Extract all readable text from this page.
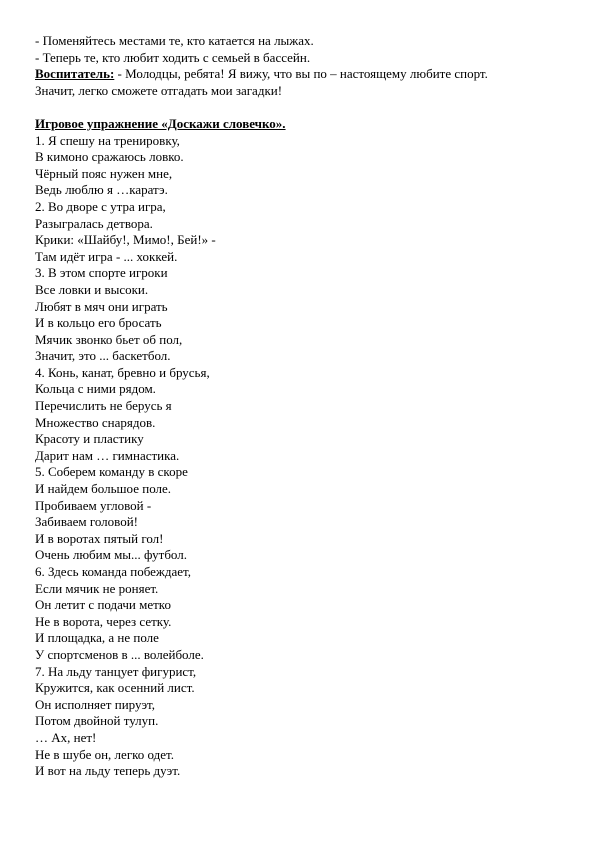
- Поменяйтесь местами те, кто катается на лыжах.
- Теперь те, кто любит ходить с семьей в бассейн.
Воспитатель: - Молодцы, ребята! Я вижу, что вы по – настоящему любите спорт.
Значит, легко сможете отгадать мои загадки!
Игровое упражнение «Доскажи словечко».
1. Я спешу на тренировку,
В кимоно сражаюсь ловко.
Чёрный пояс нужен мне,
Ведь люблю я …каратэ.
2. Во дворе с утра игра,
Разыгралась детвора.
Крики: «Шайбу!, Мимо!, Бей!» -
Там идёт игра - ... хоккей.
3. В этом спорте игроки
Все ловки и высоки.
Любят в мяч они играть
И в кольцо его бросать
Мячик звонко бьет об пол,
Значит, это ... баскетбол.
4. Конь, канат, бревно и брусья,
Кольца с ними рядом.
Перечислить не берусь я
Множество снарядов.
Красоту и пластику
Дарит нам … гимнастика.
5. Соберем команду в скоре
И найдем большое поле.
Пробиваем угловой -
Забиваем головой!
И в воротах пятый гол!
Очень любим мы... футбол.
6. Здесь команда побеждает,
Если мячик не роняет.
Он летит с подачи метко
Не в ворота, через сетку.
И площадка, а не поле
У спортсменов в ... волейболе.
7. На льду танцует фигурист,
Кружится, как осенний лист.
Он исполняет пируэт,
Потом двойной тулуп.
… Ах, нет!
Не в шубе он, легко одет.
И вот на льду теперь дуэт.
